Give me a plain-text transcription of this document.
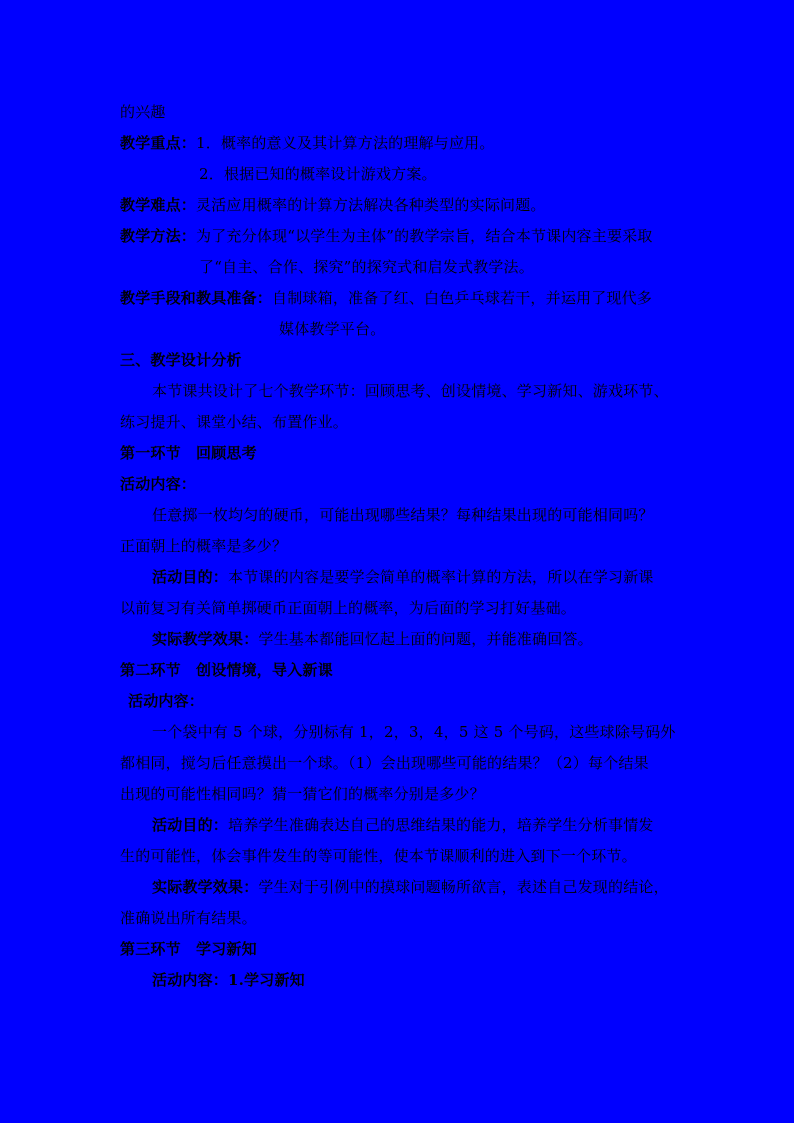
的兴趣
教学重点：1．概率的意义及其计算方法的理解与应用。
2．根据已知的概率设计游戏方案。
教学难点：灵活应用概率的计算方法解决各种类型的实际问题。
教学方法：为了充分体现“以学生为主体”的教学宗旨，结合本节课内容主要采取
了“自主、合作、探究”的探究式和启发式教学法。
教学手段和教具准备：自制球箱，准备了红、白色乒乓球若干，并运用了现代多
媒体教学平台。
三、教学设计分析
本节课共设计了七个教学环节：回顾思考、创设情境、学习新知、游戏环节、
练习提升、课堂小结、布置作业。
第一环节　回顾思考
活动内容：
任意掷一枚均匀的硬币，可能出现哪些结果？每种结果出现的可能相同吗？
正面朝上的概率是多少？
活动目的：本节课的内容是要学会简单的概率计算的方法，所以在学习新课
以前复习有关简单掷硬币正面朝上的概率，为后面的学习打好基础。
实际教学效果：学生基本都能回忆起上面的问题，并能准确回答。
第二环节　创设情境，导入新课
活动内容：
一个袋中有 5 个球，分别标有 1，2，3，4，5 这 5 个号码，这些球除号码外
都相同，搅匀后任意摸出一个球。（1）会出现哪些可能的结果？（2）每个结果
出现的可能性相同吗？猜一猜它们的概率分别是多少？
活动目的：培养学生准确表达自己的思维结果的能力，培养学生分析事情发
生的可能性，体会事件发生的等可能性，使本节课顺利的进入到下一个环节。
实际教学效果：学生对于引例中的摸球问题畅所欲言，表述自己发现的结论，
准确说出所有结果。
第三环节　学习新知
活动内容：1.学习新知
